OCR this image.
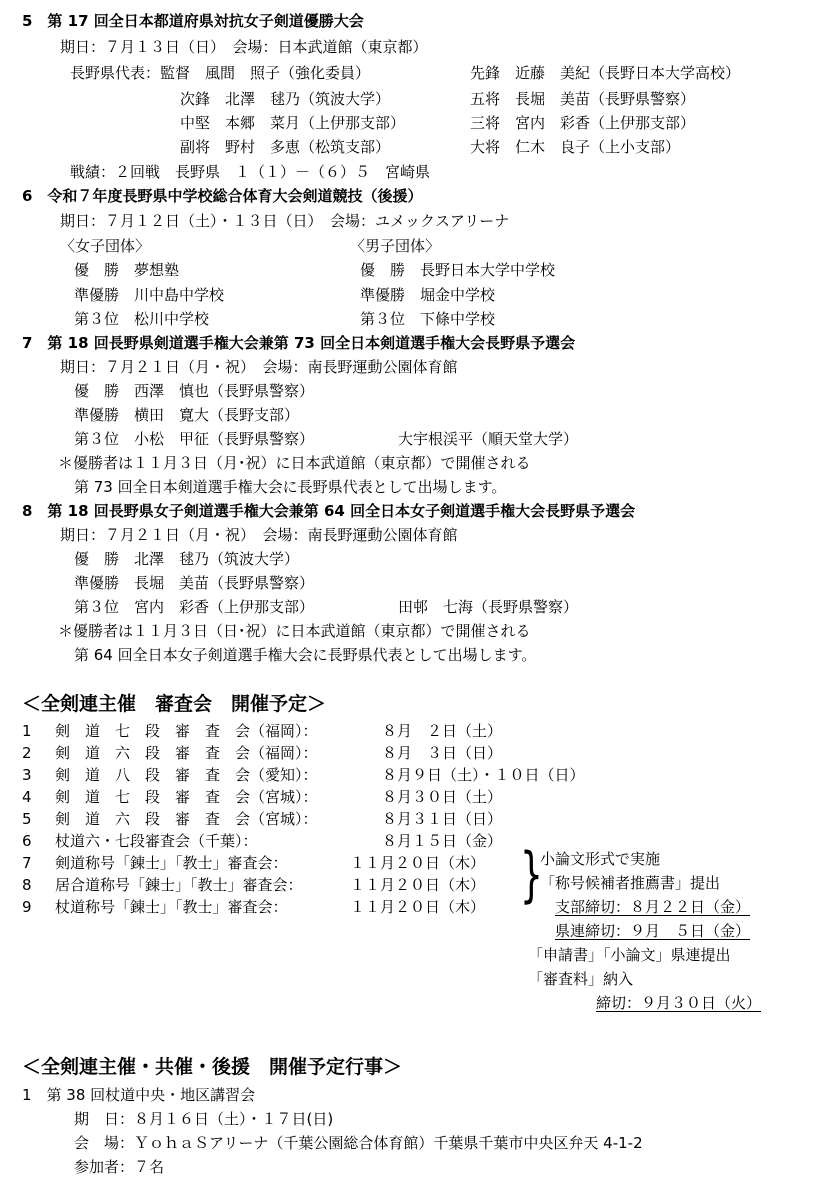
5　第 17 回全日本都道府県対抗女子剣道優勝大会
期日：７月１３日（日）　会場：日本武道館（東京都）
長野県代表：監督　風間　照子（強化委員）	先鋒　近藤　美紀（長野日本大学高校）
次鋒　北澤　毬乃（筑波大学）	五将　長堀　美苗（長野県警察）
中堅　本郷　菜月（上伊那支部）	三将　宮内　彩香（上伊那支部）
副将　野村　多恵（松筑支部）	大将　仁木　良子（上小支部）
戦績：２回戦　長野県　１（１）－（６）５　宮崎県
6　令和７年度長野県中学校総合体育大会剣道競技（後援）
期日：７月１２日（土）・１３日（日）　会場：ユメックスアリーナ
〈女子団体〉	〈男子団体〉
優　勝　夢想塾	優　勝　長野日本大学中学校
準優勝　川中島中学校	準優勝　堀金中学校
第３位　松川中学校	第３位　下條中学校
7　第 18 回長野県剣道選手権大会兼第 73 回全日本剣道選手権大会長野県予選会
期日：７月２１日（月・祝）　会場：南長野運動公園体育館
優　勝　西澤　慎也（長野県警察）
準優勝　横田　寛大（長野支部）
第３位　小松　甲征（長野県警察）	大宇根渓平（順天堂大学）
＊優勝者は１１月３日（月･祝）に日本武道館（東京都）で開催される
第 73 回全日本剣道選手権大会に長野県代表として出場します。
8　第 18 回長野県女子剣道選手権大会兼第 64 回全日本女子剣道選手権大会長野県予選会
期日：７月２１日（月・祝）　会場：南長野運動公園体育館
優　勝　北澤　毬乃（筑波大学）
準優勝　長堀　美苗（長野県警察）
第３位　宮内　彩香（上伊那支部）	田邨　七海（長野県警察）
＊優勝者は１１月３日（日･祝）に日本武道館（東京都）で開催される
第 64 回全日本女子剣道選手権大会に長野県代表として出場します。
＜全剣連主催　審査会　開催予定＞
1 剣　道　七　段　審　査　会（福岡）：	８月　２日（土）
2 剣　道　六　段　審　査　会（福岡）：	８月　３日（日）
3 剣　道　八　段　審　査　会（愛知）：	８月９日（土）・１０日（日）
4 剣　道　七　段　審　査　会（宮城）：	８月３０日（土）
5 剣　道　六　段　審　査　会（宮城）：	８月３１日（日）
6 杖道六・七段審査会（千葉）：	８月１５日（金）
7 剣道称号「錬士」「教士」審査会：	１１月２０日（木）
8 居合道称号「錬士」「教士」審査会：	１１月２０日（木）
9 杖道称号「錬士」「教士」審査会：	１１月２０日（木） }
小論文形式で実施
「称号候補者推薦書」提出
支部締切：８月２２日（金）
県連締切：９月　５日（金）
「申請書」「小論文」県連提出
「審査料」納入
締切：９月３０日（火）
＜全剣連主催・共催・後援　開催予定行事＞
1　第 38 回杖道中央・地区講習会
期　日：８月１６日（土）・１７日(日)
会　場：ＹｏｈａＳアリーナ（千葉公園総合体育館）千葉県千葉市中央区弁天 4-1-2
参加者：７名
